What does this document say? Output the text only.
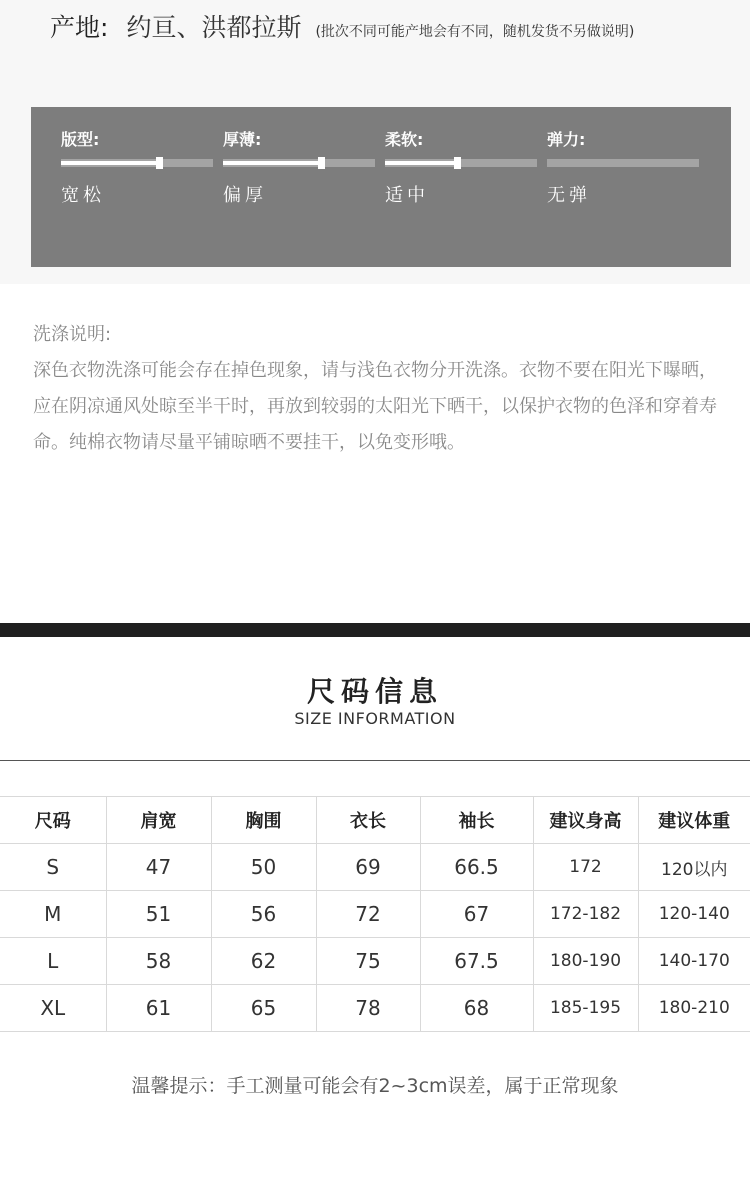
产地: 约亘、洪都拉斯 (批次不同可能产地会有不同，随机发货不另做说明)
版型:
宽松
厚薄:
偏厚
柔软:
适中
弹力:
无弹
洗涤说明:
深色衣物洗涤可能会存在掉色现象，请与浅色衣物分开洗涤。衣物不要在阳光下曝晒，应在阴凉通风处晾至半干时，再放到较弱的太阳光下晒干，以保护衣物的色泽和穿着寿命。纯棉衣物请尽量平铺晾晒不要挂干，以免变形哦。
尺码信息
SIZE INFORMATION
尺码	肩宽	胸围	衣长	袖长	建议身高	建议体重
S	47	50	69	66.5	172	120以内
M	51	56	72	67	172-182	120-140
L	58	62	75	67.5	180-190	140-170
XL	61	65	78	68	185-195	180-210
温馨提示：手工测量可能会有2~3cm误差，属于正常现象
